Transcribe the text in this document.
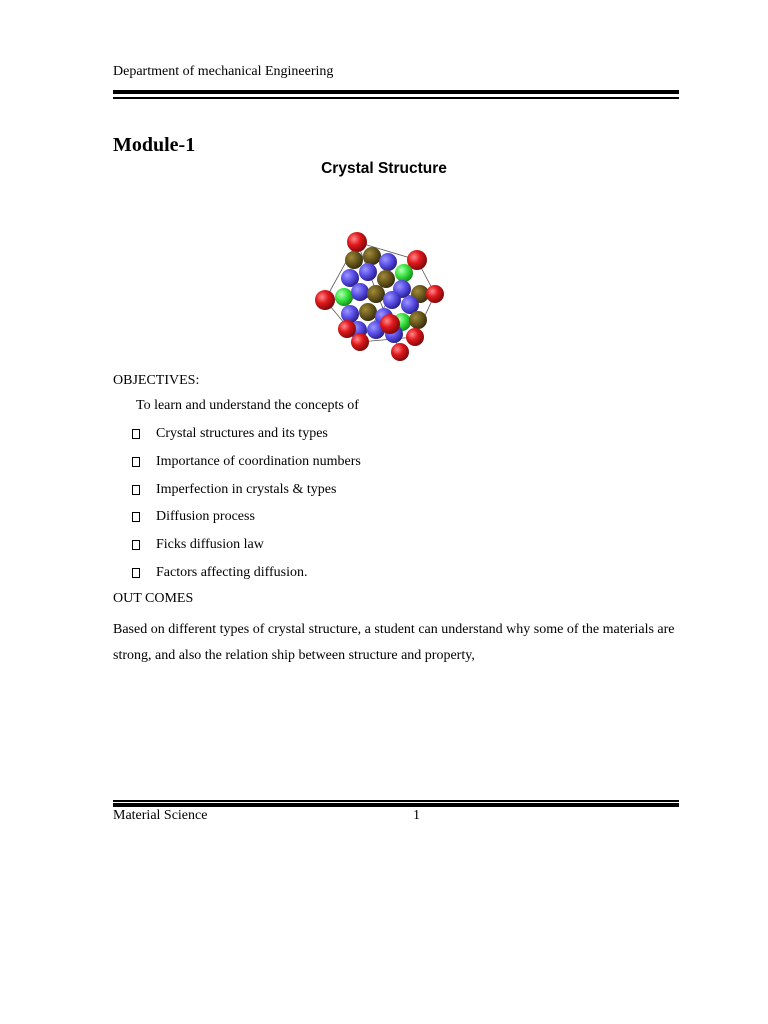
Department of mechanical Engineering
Module-1
Crystal Structure
OBJECTIVES:
To learn and understand the concepts of
Crystal structures and its types
Importance of coordination numbers
Imperfection in crystals & types
Diffusion process
Ficks diffusion law
Factors affecting diffusion.
OUT COMES
Based on different types of crystal structure, a student can understand why some of the materials are strong, and also the relation ship between structure and property,
Material Science	1
